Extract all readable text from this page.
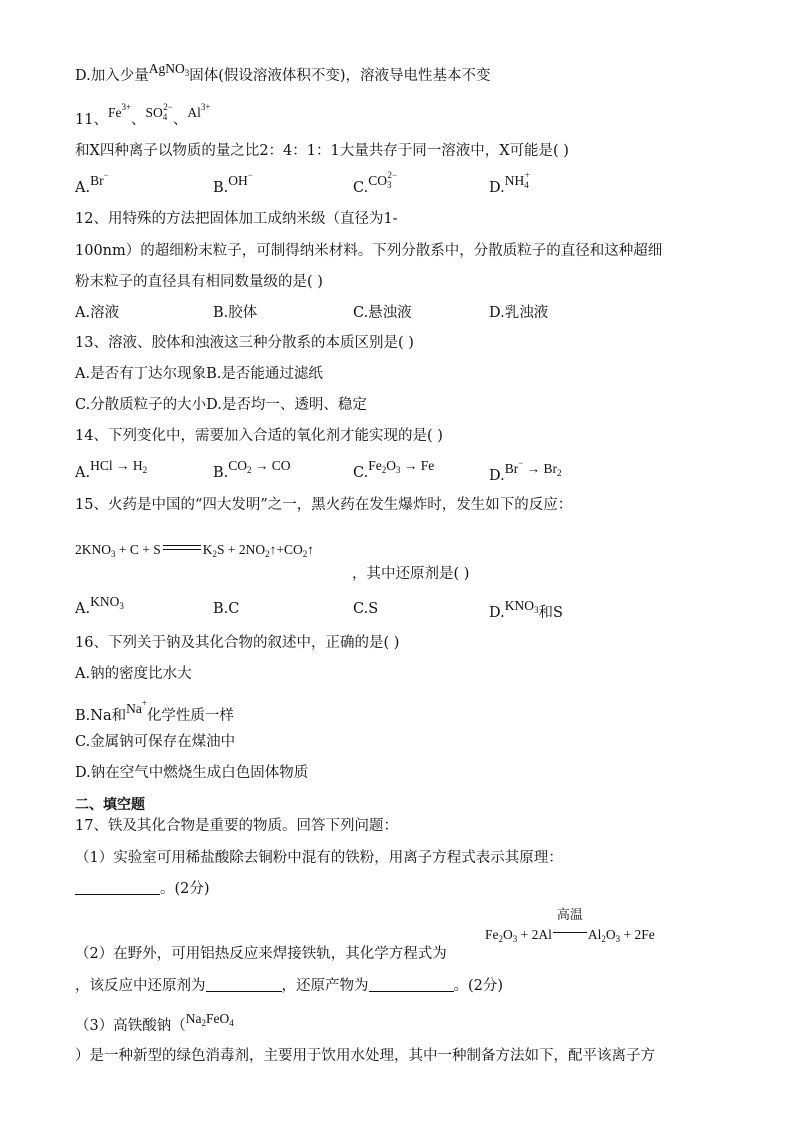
D.加入少量AgNO$_3$固体(假设溶液体积不变)，溶液导电性基本不变
11、$Fe^{3+}$、$SO_4^{2-}$、$Al^{3+}$
和X四种离子以物质的量之比2：4：1：1大量共存于同一溶液中，X可能是( )
A.Br−
B.OH−
$C.CO_3^{2-}$
$D.NH_4^+$
12、用特殊的方法把固体加工成纳米级（直径为1-
100nm）的超细粉末粒子，可制得纳米材料。下列分散系中，分散质粒子的直径和这种超细
粉末粒子的直径具有相同数量级的是( )
A.溶液	B.胶体	C.悬浊液	D.乳浊液
13、溶液、胶体和浊液这三种分散系的本质区别是( )
A.是否有丁达尔现象B.是否能通过滤纸
C.分散质粒子的大小D.是否均一、透明、稳定
14、下列变化中，需要加入合适的氧化剂才能实现的是( )
$A.HCl \to H_2$	$B.CO_2$ → CO	$C.Fe_2O_3 \to Fe$
$D.Br^- \to Br_2$
15、火药是中国的“四大发明”之一，黑火药在发生爆炸时，发生如下的反应：
$2KNO_3 + C + S$	$K_2S$ + $2NO_2↑+CO_2↑$
，其中还原剂是( )
$A.KNO_3$	B.C	C.S	$D.KNO_3$和S
16、下列关于钠及其化合物的叙述中，正确的是( )
A.钠的密度比水大
B.Na和Na+化学性质一样
C.金属钠可保存在煤油中
D.钠在空气中燃烧生成白色固体物质
二、填空题
17、铁及其化合物是重要的物质。回答下列问题：
（1）实验室可用稀盐酸除去铜粉中混有的铁粉，用离子方程式表示其原理：
。(2分)
$Fe_2O_3 + 2Al$
高温
$Al_2O_3 + 2Fe$
（2）在野外，可用铝热反应来焊接铁轨，其化学方程式为
，该反应中还原剂为	，还原产物为	。(2分)
（3）高铁酸钠（$Na_2FeO_4$
）是一种新型的绿色消毒剂，主要用于饮用水处理，其中一种制备方法如下，配平该离子方
